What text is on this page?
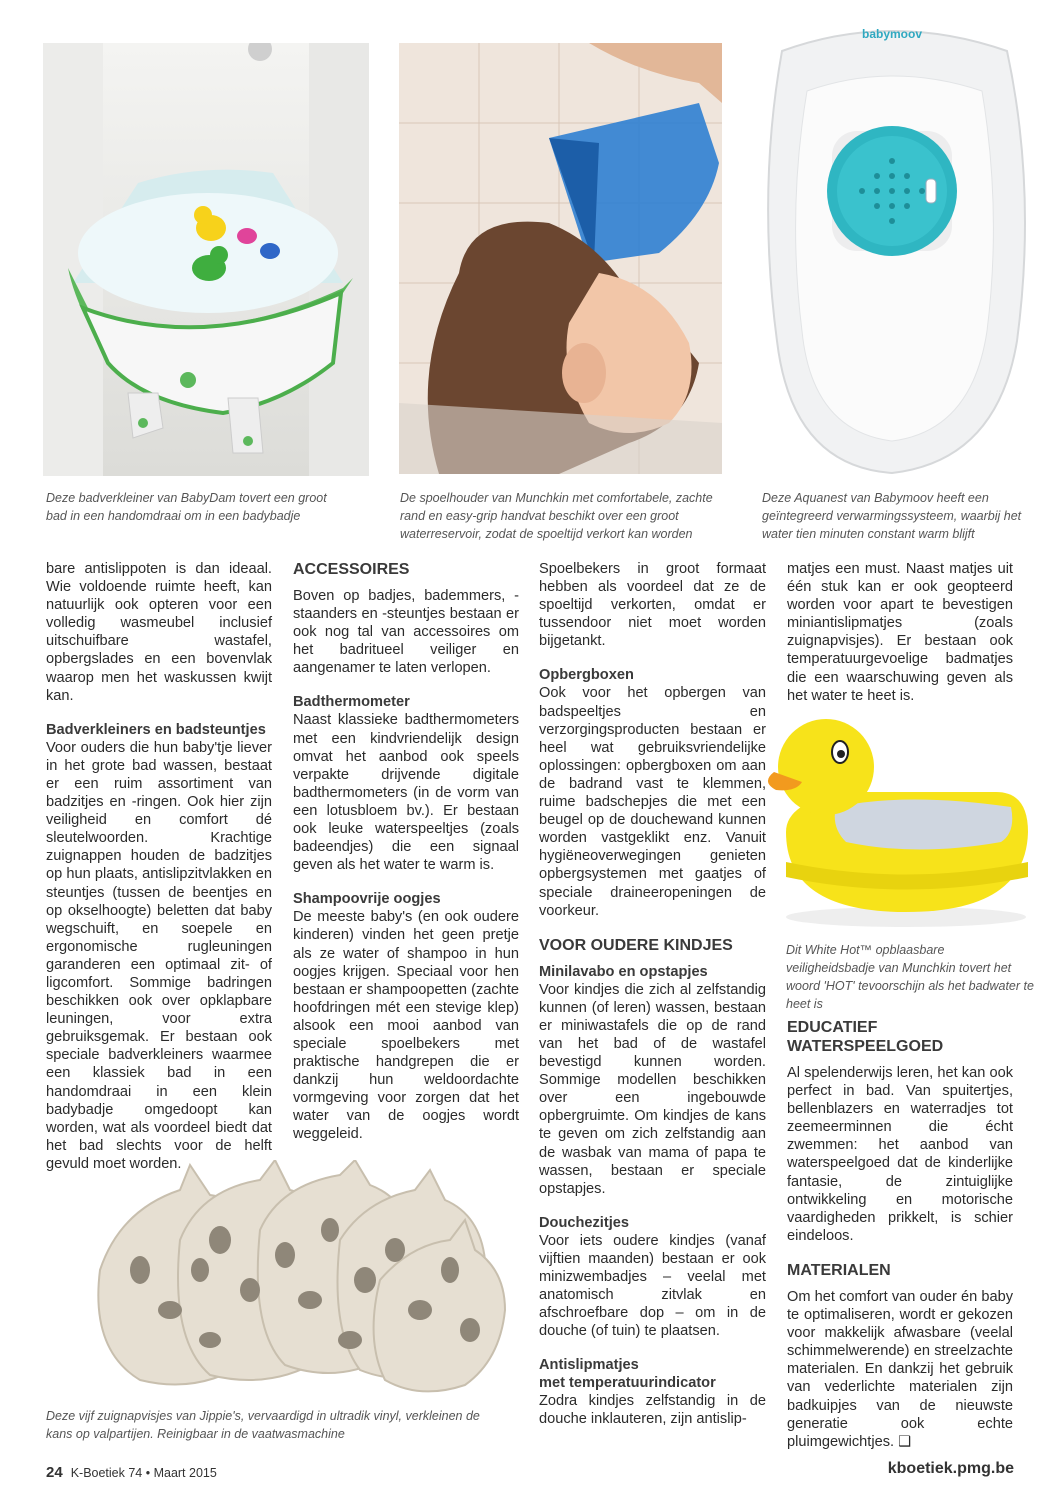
babymoov
Deze badverkleiner van BabyDam tovert een groot bad in een handomdraai om in een badybadje
De spoelhouder van Munchkin met comfortabele, zachte rand en easy-grip handvat beschikt over een groot waterreservoir, zodat de spoeltijd verkort kan worden
Deze Aquanest van Babymoov heeft een geïntegreerd verwarmingssysteem, waarbij het water tien minuten constant warm blijft
Dit White Hot™ opblaasbare veiligheidsbadje van Munchkin tovert het woord 'HOT' tevoorschijn als het badwater te heet is
Deze vijf zuignapvisjes van Jippie's, vervaardigd in ultradik vinyl, verkleinen de kans op valpartijen. Reinigbaar in de vaatwasmachine

bare antislippoten is dan ideaal. Wie voldoende ruimte heeft, kan natuurlijk ook opteren voor een volledig wasmeubel inclusief uitschuifbare wastafel, opbergslades en een bovenvlak waarop men het waskussen kwijt kan.

Badverkleiners en badsteuntjes

Voor ouders die hun baby'tje liever in het grote bad wassen, bestaat er een ruim assortiment van badzitjes en -ringen. Ook hier zijn veiligheid en comfort dé sleutelwoorden. Krachtige zuignappen houden de badzitjes op hun plaats, antislipzitvlakken en steuntjes (tussen de beentjes en op okselhoogte) beletten dat baby wegschuift, en soepele en ergonomische rugleuningen garanderen een optimaal zit- of ligcomfort. Sommige badringen beschikken ook over opklapbare leuningen, voor extra gebruiksgemak. Er bestaan ook speciale badverkleiners waarmee een klassiek bad in een handomdraai in een klein badybadje omgedoopt kan worden, wat als voordeel biedt dat het bad slechts voor de helft gevuld moet worden.

ACCESSOIRES

Boven op badjes, bademmers, -staanders en -steuntjes bestaan er ook nog tal van accessoires om het badritueel veiliger en aangenamer te laten verlopen.

Badthermometer

Naast klassieke badthermometers met een kindvriendelijk design omvat het aanbod ook speels verpakte drijvende digitale badthermometers (in de vorm van een lotusbloem bv.). Er bestaan ook leuke waterspeeltjes (zoals badeendjes) die een signaal geven als het water te warm is.

Shampoovrije oogjes

De meeste baby's (en ook oudere kinderen) vinden het geen pretje als ze water of shampoo in hun oogjes krijgen. Speciaal voor hen bestaan er shampoopetten (zachte hoofdringen mét een stevige klep) alsook een mooi aanbod van speciale spoelbekers met praktische handgrepen die er dankzij hun weldoordachte vormgeving voor zorgen dat het water van de oogjes wordt weggeleid.

Spoelbekers in groot formaat hebben als voordeel dat ze de spoeltijd verkorten, omdat er tussendoor niet moet worden bijgetankt.

Opbergboxen

Ook voor het opbergen van badspeeltjes en verzorgingsproducten bestaan er heel wat gebruiksvriendelijke oplossingen: opbergboxen om aan de badrand vast te klemmen, ruime badschepjes die met een beugel op de douchewand kunnen worden vastgeklikt enz. Vanuit hygiëneoverwegingen genieten opbergsystemen met gaatjes of speciale draineeropeningen de voorkeur.

VOOR OUDERE KINDJES
Minilavabo en opstapjes

Voor kindjes die zich al zelfstandig kunnen (of leren) wassen, bestaan er miniwastafels die op de rand van het bad of de wastafel bevestigd kunnen worden. Sommige modellen beschikken over een ingebouwde opbergruimte. Om kindjes de kans te geven om zich zelfstandig aan de wasbak van mama of papa te wassen, bestaan er speciale opstapjes.

Douchezitjes

Voor iets oudere kindjes (vanaf vijftien maanden) bestaan er ook minizwembadjes – veelal met anatomisch zitvlak en afschroefbare dop – om in de douche (of tuin) te plaatsen.

Antislipmatjes
met temperatuurindicator

Zodra kindjes zelfstandig in de douche inklauteren, zijn antislip-

matjes een must. Naast matjes uit één stuk kan er ook geopteerd worden voor apart te bevestigen miniantislipmatjes (zoals zuignapvisjes). Er bestaan ook temperatuurgevoelige badmatjes die een waarschuwing geven als het water te heet is.

EDUCATIEF
WATERSPEELGOED

Al spelenderwijs leren, het kan ook perfect in bad. Van spuitertjes, bellenblazers en waterradjes tot zeemeerminnen die écht zwemmen: het aanbod van waterspeelgoed dat de kinderlijke fantasie, de zintuiglijke ontwikkeling en motorische vaardigheden prikkelt, is schier eindeloos.

MATERIALEN

Om het comfort van ouder én baby te optimaliseren, wordt er gekozen voor makkelijk afwasbare (veelal schimmelwerende) en streelzachte materialen. En dankzij het gebruik van vederlichte materialen zijn badkuipjes van de nieuwste generatie ook echte pluimgewichtjes. ❑

24 K-Boetiek 74 • Maart 2015	kboetiek.pmg.be
